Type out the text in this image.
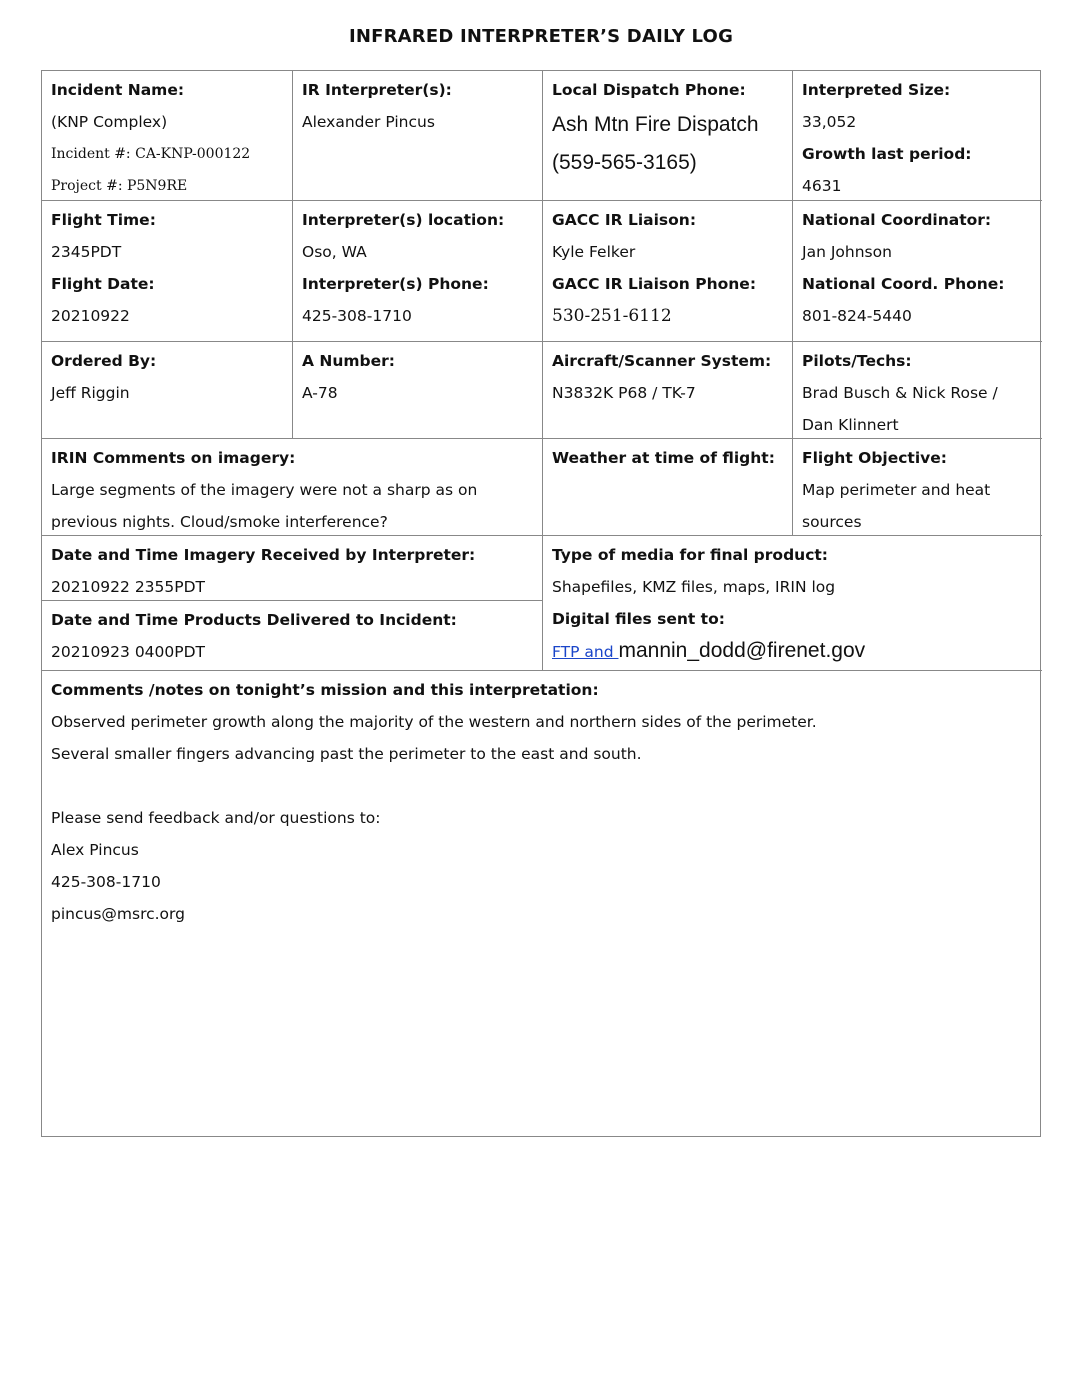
INFRARED INTERPRETER’S DAILY LOG
Incident Name:
(KNP Complex)
Incident #: CA-KNP-000122
Project #: P5N9RE
IR Interpreter(s):
Alexander Pincus
Local Dispatch Phone:
Ash Mtn Fire Dispatch
(559-565-3165)
Interpreted Size:
33,052
Growth last period:
4631
Flight Time:
2345PDT
Flight Date:
20210922
Interpreter(s) location:
Oso, WA
Interpreter(s) Phone:
425-308-1710
GACC IR Liaison:
Kyle Felker
GACC IR Liaison Phone:
530-251-6112
National Coordinator:
Jan Johnson
National Coord. Phone:
801-824-5440
Ordered By:
Jeff Riggin
A Number:
A-78
Aircraft/Scanner System:
N3832K P68 / TK-7
Pilots/Techs:
Brad Busch & Nick Rose /
Dan Klinnert
IRIN Comments on imagery:
Large segments of the imagery were not a sharp as on
previous nights. Cloud/smoke interference?
Weather at time of flight:	Flight Objective:
Map perimeter and heat
sources
Date and Time Imagery Received by Interpreter:
20210922 2355PDT
Date and Time Products Delivered to Incident:
20210923 0400PDT
Type of media for final product:
Shapefiles, KMZ files, maps, IRIN log
Digital files sent to:
FTP and mannin_dodd@firenet.gov
Comments /notes on tonight’s mission and this interpretation:
Observed perimeter growth along the majority of the western and northern sides of the perimeter.
Several smaller fingers advancing past the perimeter to the east and south.
Please send feedback and/or questions to:
Alex Pincus
425-308-1710
pincus@msrc.org
